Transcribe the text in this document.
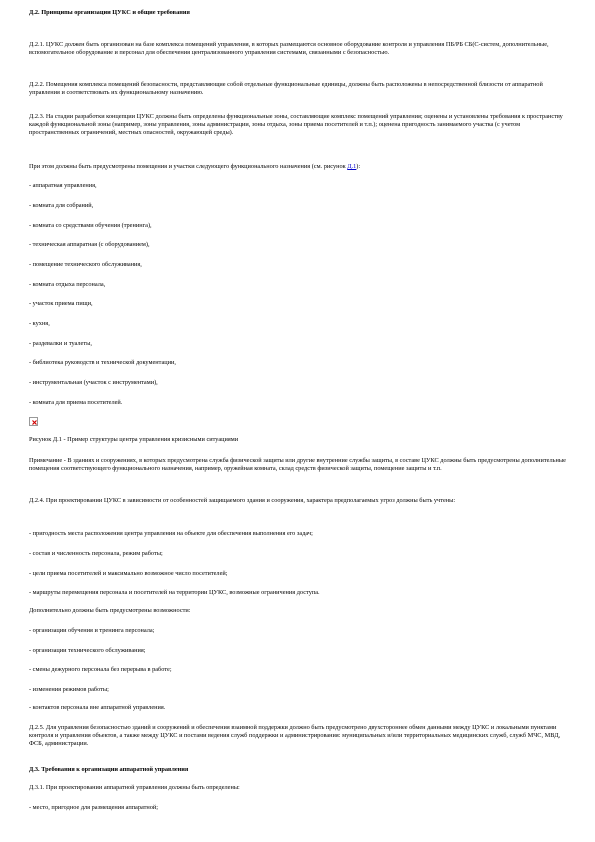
Д.2. Принципы организации ЦУКС и общие требования

Д.2.1. ЦУКС должен быть организован на базе комплекса помещений управления, в которых размещаются основное оборудование контроля и управления ПБ/РБ СБ(С-систем, дополнительные, вспомогательное оборудование и персонал для обеспечения централизованного управления системами, связанными с безопасностью.

Д.2.2. Помещения комплекса помещений безопасности, представляющие собой отдельные функциональные единицы, должны быть расположены в непосредственной близости от аппаратной управления и соответствовать их функциональному назначению.

Д.2.3. На стадии разработки концепции ЦУКС должны быть определены функциональные зоны, составляющие комплекс помещений управления; оценены и установлены требования к пространству каждой функциональной зоны (например, зоны управления, зоны администрации, зоны отдыха, зоны приема посетителей и т.п.); оценена пригодность занимаемого участка (с учетом пространственных ограничений, местных опасностей, окружающей среды).

При этом должны быть предусмотрены помещения и участки следующего функционального назначения (см. рисунок Д.1):

- аппаратная управления,

- комната для собраний,

- комната со средствами обучения (тренинга),

- техническая аппаратная (с оборудованием),

- помещение технического обслуживания,

- комната отдыха персонала,

- участок приема пищи,

- кухня,

- раздевалки и туалеты,

- библиотека руководств и технической документации,

- инструментальная (участок с инструментами),

- комната для приема посетителей.

Рисунок Д.1 - Пример структуры центра управления кризисными ситуациями

Примечание - В зданиях и сооружениях, в которых предусмотрена служба физической защиты или другие внутренние службы защиты, в составе ЦУКС должны быть предусмотрены дополнительные помещения соответствующего функционального назначения, например, оружейная комната, склад средств физической защиты, помещение защиты и т.п.

Д.2.4. При проектировании ЦУКС в зависимости от особенностей защищаемого здания и сооружения, характера предполагаемых угроз должны быть учтены:

- пригодность места расположения центра управления на объекте для обеспечения выполнения его задач;

- состав и численность персонала, режим работы;

- цели приема посетителей и максимально возможное число посетителей;

- маршруты перемещения персонала и посетителей на территории ЦУКС, возможные ограничения доступа.

Дополнительно должны быть предусмотрены возможности:

- организации обучения и тренинга персонала;

- организации технического обслуживания;

- смены дежурного персонала без перерыва в работе;

- изменения режимов работы;

- контактов персонала вне аппаратной управления.

Д.2.5. Для управления безопасностью зданий и сооружений и обеспечения взаимной поддержки должно быть предусмотрено двухстороннее обмен данными между ЦУКС и локальными пунктами контроля и управления объектов, а также между ЦУКС и постами ведения служб поддержки и администрирования: муниципальных и/или территориальных медицинских служб, служб МЧС, МВД, ФСБ, администрации.

Д.3. Требования к организации аппаратной управления

Д.3.1. При проектировании аппаратной управления должны быть определены:

- место, пригодное для размещения аппаратной;
